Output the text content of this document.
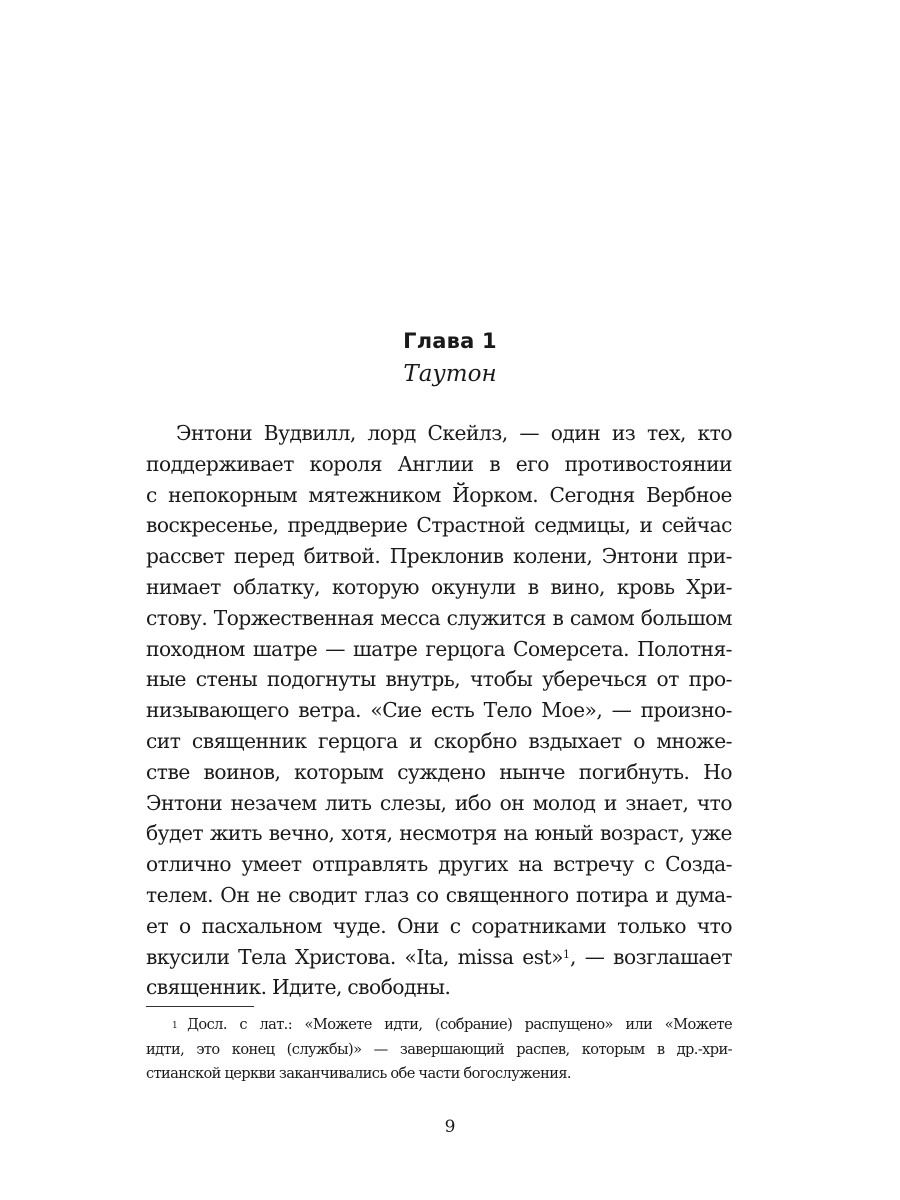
Глава 1
Таутон
Энтони Вудвилл, лорд Скейлз, — один из тех, кто
поддерживает короля Англии в его противостоянии
с непокорным мятежником Йорком. Сегодня Вербное
воскресенье, преддверие Страстной седмицы, и сейчас
рассвет перед битвой. Преклонив колени, Энтони при-
нимает облатку, которую окунули в вино, кровь Хри-
стову. Торжественная месса служится в самом большом
походном шатре — шатре герцога Сомерсета. Полотня-
ные стены подогнуты внутрь, чтобы уберечься от про-
низывающего ветра. «Сие есть Тело Мое», — произно-
сит священник герцога и скорбно вздыхает о множе-
стве воинов, которым суждено нынче погибнуть. Но
Энтони незачем лить слезы, ибо он молод и знает, что
будет жить вечно, хотя, несмотря на юный возраст, уже
отлично умеет отправлять других на встречу с Созда-
телем. Он не сводит глаз со священного потира и дума-
ет о пасхальном чуде. Они с соратниками только что
вкусили Тела Христова. «Ita, missa est»$^1$, — возглашает
священник. Идите, свободны.
$^1$ Досл. с лат.: «Можете идти, (собрание) распущено» или «Можете
идти, это конец (службы)» — завершающий распев, которым в др.-хри-
стианской церкви заканчивались обе части богослужения.
9
